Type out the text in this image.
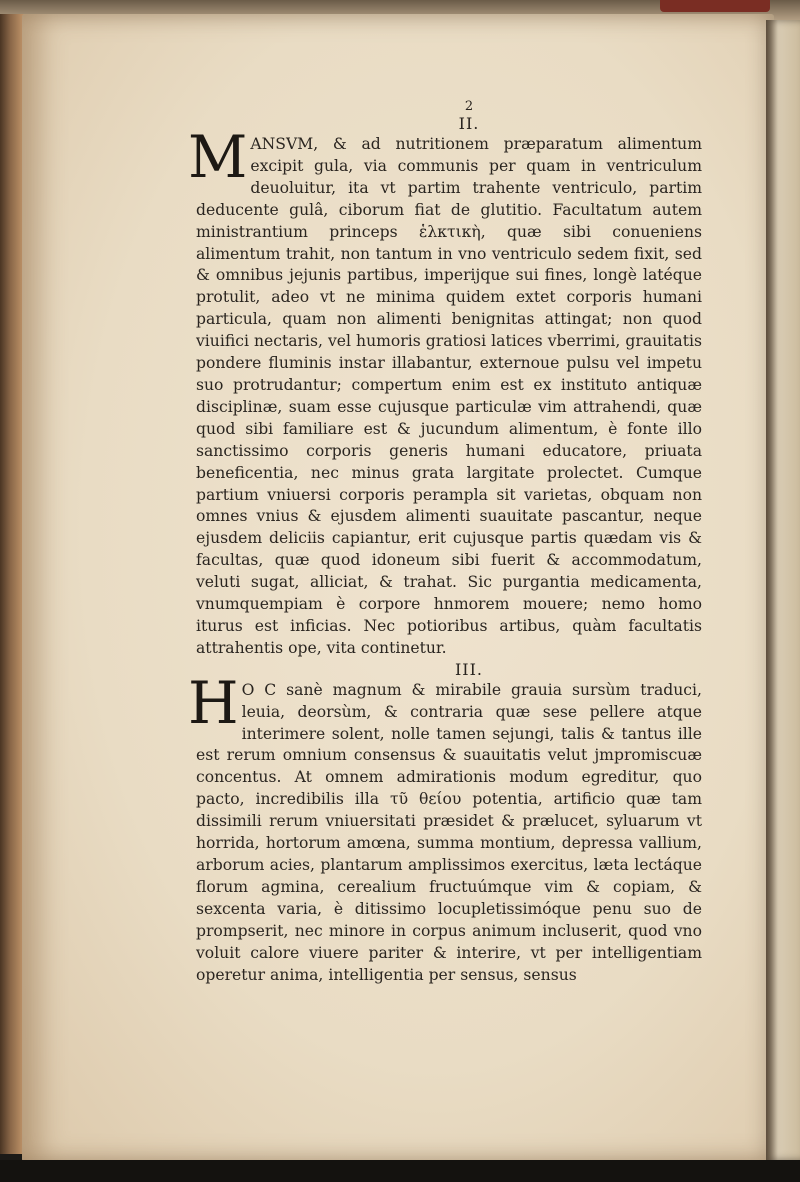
2
II.

M ANSVM, & ad nutritionem præparatum alimentum excipit gula, via communis per quam in ventriculum deuoluitur, ita vt partim trahente ventriculo, partim deducente gulâ, ciborum fiat de glutitio. Facultatum autem ministrantium princeps ἑλκτικὴ, quæ sibi conueniens alimentum trahit, non tantum in vno ventriculo sedem fixit, sed & omnibus jejunis partibus, imperijque sui fines, longè latéque protulit, adeo vt ne minima quidem extet corporis humani particula, quam non alimenti benignitas attingat; non quod viuifici nectaris, vel humoris gratiosi latices vberrimi, grauitatis pondere fluminis instar illabantur, externoue pulsu vel impetu suo protrudantur; compertum enim est ex instituto antiquæ disciplinæ, suam esse cujusque particulæ vim attrahendi, quæ quod sibi familiare est & jucundum alimentum, è fonte illo sanctissimo corporis generis humani educatore, priuata beneficentia, nec minus grata largitate prolectet. Cumque partium vniuersi corporis perampla sit varietas, obquam non omnes vnius & ejusdem alimenti suauitate pascantur, neque ejusdem deliciis capiantur, erit cujusque partis quædam vis & facultas, quæ quod idoneum sibi fuerit & accommodatum, veluti sugat, alliciat, & trahat. Sic purgantia medicamenta, vnumquempiam è corpore hnmorem mouere; nemo homo iturus est inficias. Nec potioribus artibus, quàm facultatis attrahentis ope, vita continetur.

III.

H O C sanè magnum & mirabile grauia sursùm traduci, leuia, deorsùm, & contraria quæ sese pellere atque interimere solent, nolle tamen sejungi, talis & tantus ille est rerum omnium consensus & suauitatis velut jmpromiscuæ concentus. At omnem admirationis modum egreditur, quo pacto, incredibilis illa τῦ θείου potentia, artificio quæ tam dissimili rerum vniuersitati præsidet & prælucet, syluarum vt horrida, hortorum amœna, summa montium, depressa vallium, arborum acies, plantarum amplissimos exercitus, læta lectáque florum agmina, cerealium fructuúmque vim & copiam, & sexcenta varia, è ditissimo locupletissimóque penu suo de prompserit, nec minore in corpus animum incluserit, quod vno voluit calore viuere pariter & interire, vt per intelligentiam operetur anima, intelligentia per sensus, sensus
